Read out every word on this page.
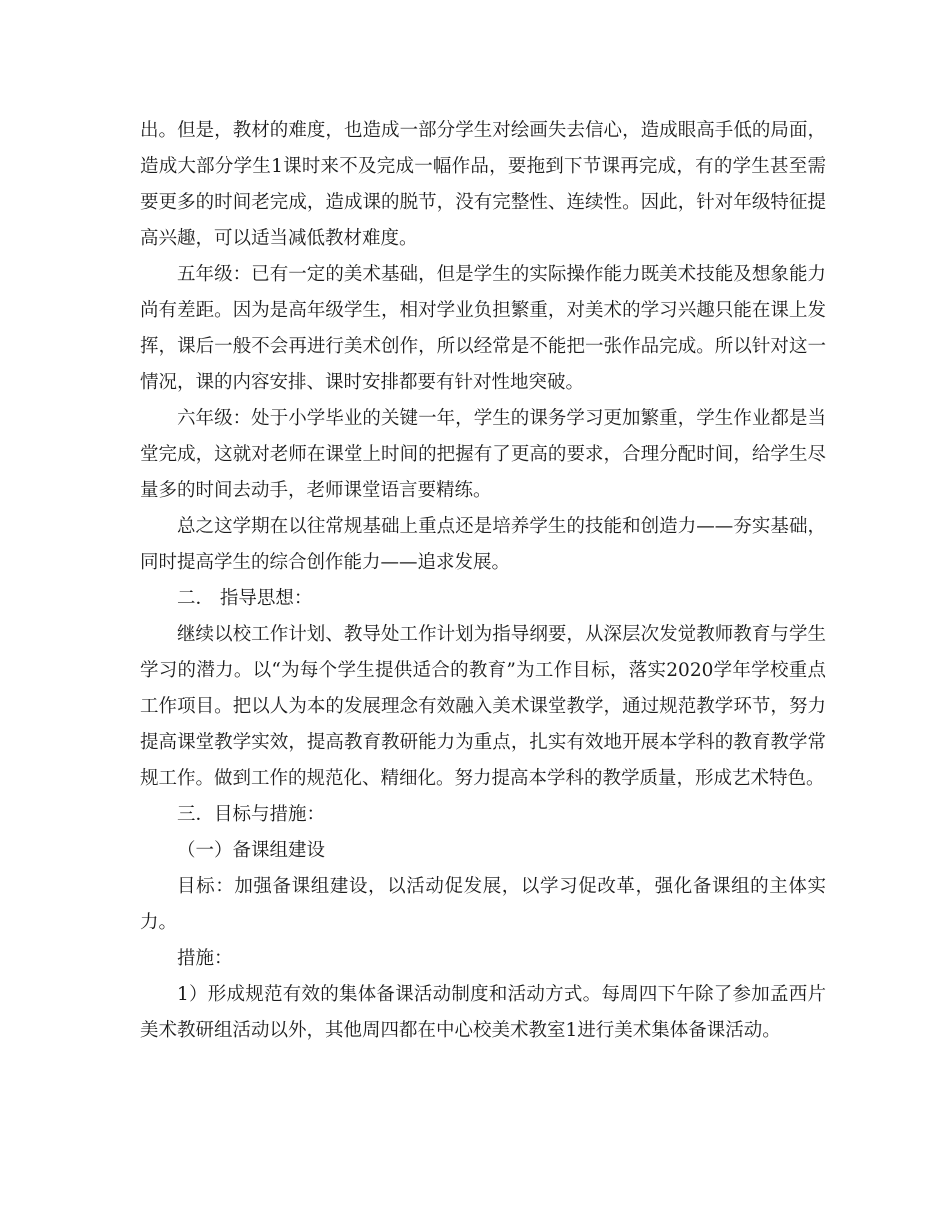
出。但是，教材的难度，也造成一部分学生对绘画失去信心，造成眼高手低的局面，造成大部分学生1课时来不及完成一幅作品，要拖到下节课再完成，有的学生甚至需要更多的时间老完成，造成课的脱节，没有完整性、连续性。因此，针对年级特征提高兴趣，可以适当减低教材难度。

五年级：已有一定的美术基础，但是学生的实际操作能力既美术技能及想象能力尚有差距。因为是高年级学生，相对学业负担繁重，对美术的学习兴趣只能在课上发挥，课后一般不会再进行美术创作，所以经常是不能把一张作品完成。所以针对这一情况，课的内容安排、课时安排都要有针对性地突破。

六年级：处于小学毕业的关键一年，学生的课务学习更加繁重，学生作业都是当堂完成，这就对老师在课堂上时间的把握有了更高的要求，合理分配时间，给学生尽量多的时间去动手，老师课堂语言要精练。

总之这学期在以往常规基础上重点还是培养学生的技能和创造力——夯实基础，同时提高学生的综合创作能力——追求发展。

二． 指导思想：

继续以校工作计划、教导处工作计划为指导纲要，从深层次发觉教师教育与学生学习的潜力。以“为每个学生提供适合的教育”为工作目标，落实2020学年学校重点工作项目。把以人为本的发展理念有效融入美术课堂教学，通过规范教学环节，努力提高课堂教学实效，提高教育教研能力为重点，扎实有效地开展本学科的教育教学常规工作。做到工作的规范化、精细化。努力提高本学科的教学质量，形成艺术特色。

三．目标与措施：

（一）备课组建设

目标：加强备课组建设，以活动促发展，以学习促改革，强化备课组的主体实力。

措施：

1）形成规范有效的集体备课活动制度和活动方式。每周四下午除了参加孟西片美术教研组活动以外，其他周四都在中心校美术教室1进行美术集体备课活动。
